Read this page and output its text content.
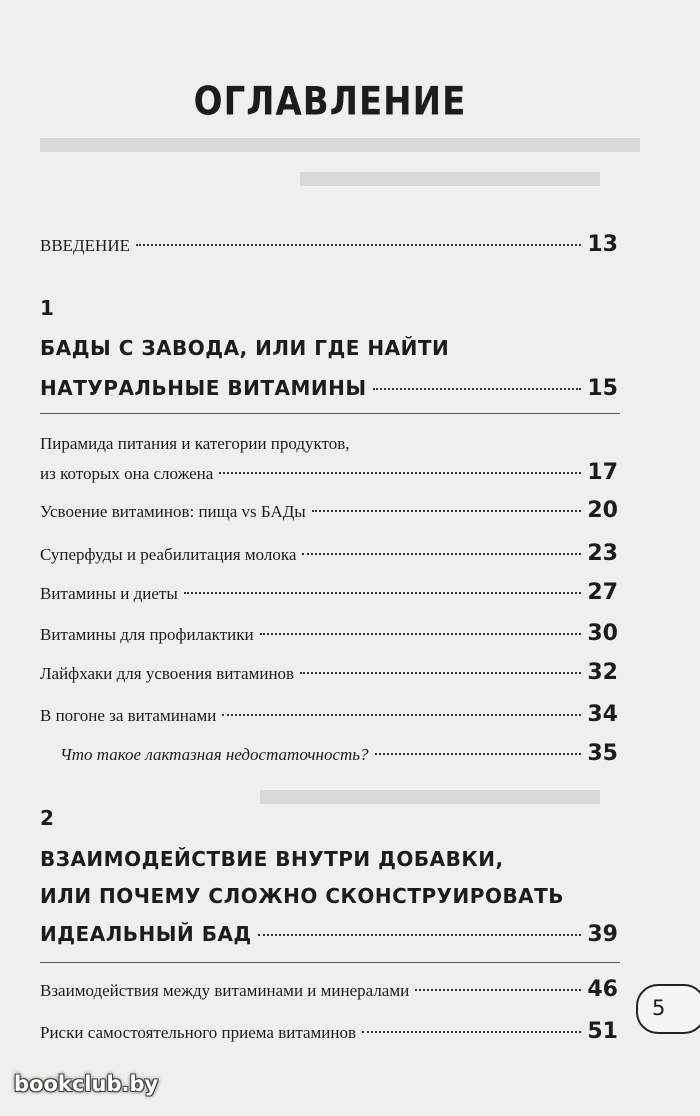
ОГЛАВЛЕНИЕ
ВВЕДЕНИЕ	13
1
БАДЫ С ЗАВОДА, ИЛИ ГДЕ НАЙТИ
НАТУРАЛЬНЫЕ ВИТАМИНЫ	15
Пирамида питания и категории продуктов,
из которых она сложена	17
Усвоение витаминов: пища vs БАДы	20
Суперфуды и реабилитация молока	23
Витамины и диеты	27
Витамины для профилактики	30
Лайфхаки для усвоения витаминов	32
В погоне за витаминами	34
Что такое лактазная недостаточность?	35
2
ВЗАИМОДЕЙСТВИЕ ВНУТРИ ДОБАВКИ,
ИЛИ ПОЧЕМУ СЛОЖНО СКОНСТРУИРОВАТЬ
ИДЕАЛЬНЫЙ БАД	39
Взаимодействия между витаминами и минералами	46
Риски самостоятельного приема витаминов	51
5
bookclub.by
